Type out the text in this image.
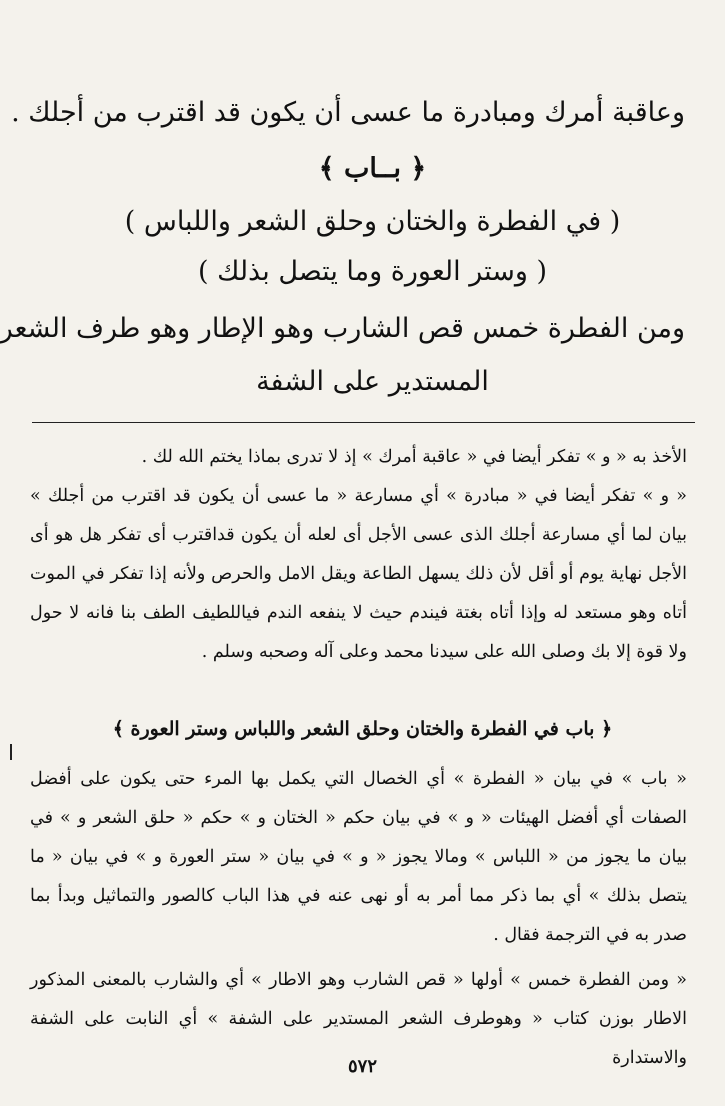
وعاقبة أمرك ومبادرة ما عسى أن يكون قد اقترب من أجلك .
﴿ بــاب ﴾
( في الفطرة والختان وحلق الشعر واللباس )
( وستر العورة وما يتصل بذلك )
ومن الفطرة خمس قص الشارب وهو الإطار وهو طرف الشعر
المستدير على الشفة

الأخذ به « و » تفكر أيضا في « عاقبة أمرك » إذ لا تدرى بماذا يختم الله لك .

« و » تفكر أيضا في « مبادرة » أي مسارعة « ما عسى أن يكون قد اقترب من أجلك » بيان لما أي مسارعة أجلك الذى عسى الأجل أى لعله أن يكون قداقترب أى تفكر هل هو أى الأجل نهاية يوم أو أقل لأن ذلك يسهل الطاعة ويقل الامل والحرص ولأنه إذا تفكر في الموت أتاه وهو مستعد له وإذا أتاه بغتة فيندم حيث لا ينفعه الندم فياللطيف الطف بنا فانه لا حول ولا قوة إلا بك وصلى الله على سيدنا محمد وعلى آله وصحبه وسلم .

﴿ باب في الفطرة والختان وحلق الشعر واللباس وستر العورة ﴾

« باب » في بيان « الفطرة » أي الخصال التي يكمل بها المرء حتى يكون على أفضل الصفات أي أفضل الهيئات « و » في بيان حكم « الختان و » حكم « حلق الشعر و » في بيان ما يجوز من « اللباس » ومالا يجوز « و » في بيان « ستر العورة و » في بيان « ما يتصل بذلك » أي بما ذكر مما أمر به أو نهى عنه في هذا الباب كالصور والتماثيل وبدأ بما صدر به في الترجمة فقال .

« ومن الفطرة خمس » أولها « قص الشارب وهو الاطار » أي والشارب بالمعنى المذكور الاطار بوزن كتاب « وهوطرف الشعر المستدير على الشفة » أي النابت على الشفة والاستدارة

٥٧٢
